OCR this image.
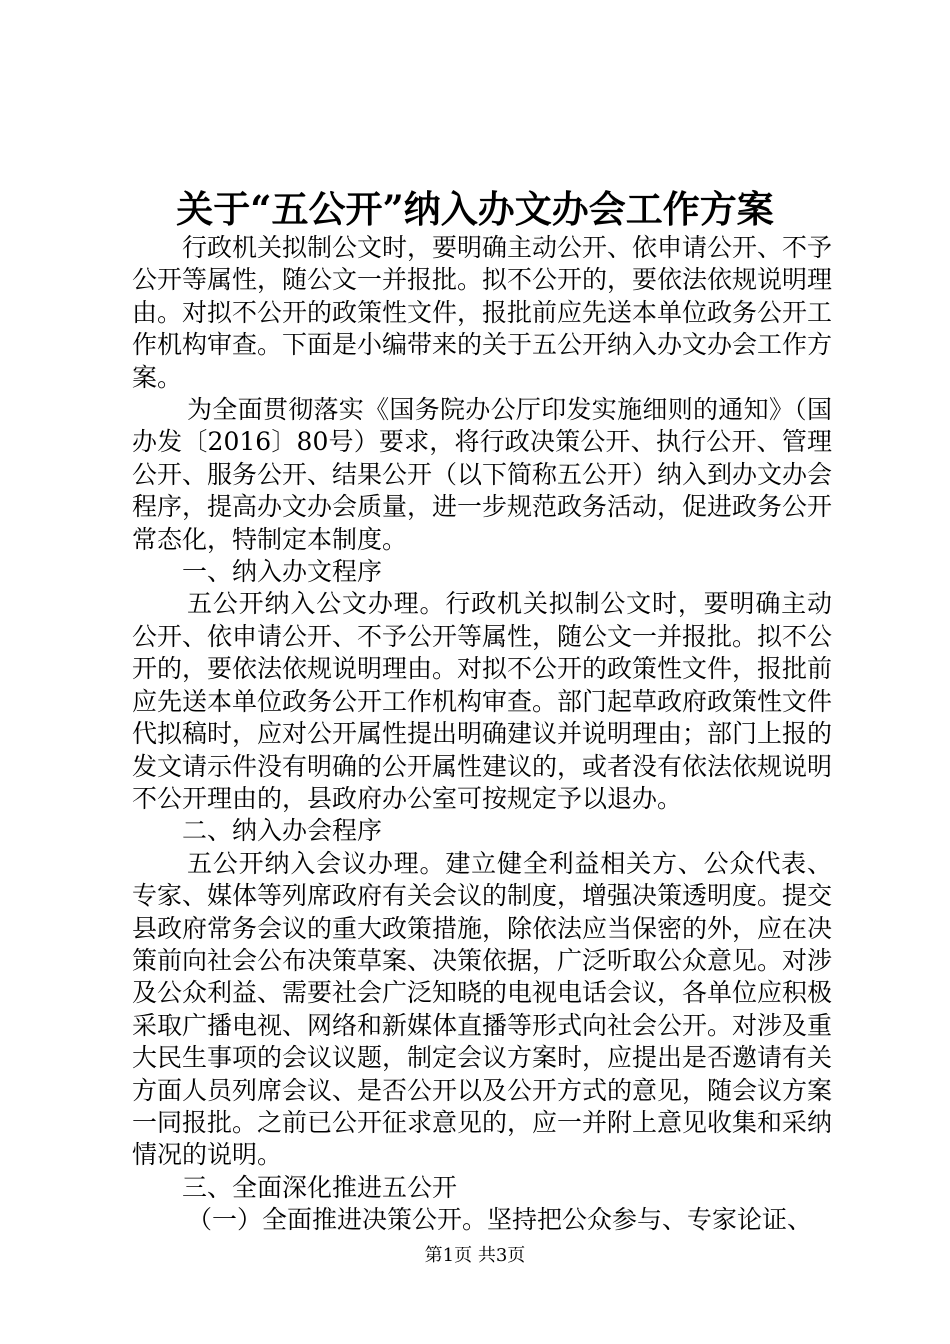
关于“五公开”纳入办文办会工作方案

行政机关拟制公文时，要明确主动公开、依申请公开、不予公开等属性，随公文一并报批。拟不公开的，要依法依规说明理由。对拟不公开的政策性文件，报批前应先送本单位政务公开工作机构审查。下面是小编带来的关于五公开纳入办文办会工作方案。

为全面贯彻落实《国务院办公厅印发实施细则的通知》（国办发〔2016〕80号）要求，将行政决策公开、执行公开、管理公开、服务公开、结果公开（以下简称五公开）纳入到办文办会程序，提高办文办会质量，进一步规范政务活动，促进政务公开常态化，特制定本制度。

一、纳入办文程序

五公开纳入公文办理。行政机关拟制公文时，要明确主动公开、依申请公开、不予公开等属性，随公文一并报批。拟不公开的，要依法依规说明理由。对拟不公开的政策性文件，报批前应先送本单位政务公开工作机构审查。部门起草政府政策性文件代拟稿时，应对公开属性提出明确建议并说明理由；部门上报的发文请示件没有明确的公开属性建议的，或者没有依法依规说明不公开理由的，县政府办公室可按规定予以退办。

二、纳入办会程序

五公开纳入会议办理。建立健全利益相关方、公众代表、专家、媒体等列席政府有关会议的制度，增强决策透明度。提交县政府常务会议的重大政策措施，除依法应当保密的外，应在决策前向社会公布决策草案、决策依据，广泛听取公众意见。对涉及公众利益、需要社会广泛知晓的电视电话会议，各单位应积极采取广播电视、网络和新媒体直播等形式向社会公开。对涉及重大民生事项的会议议题，制定会议方案时，应提出是否邀请有关方面人员列席会议、是否公开以及公开方式的意见，随会议方案一同报批。之前已公开征求意见的，应一并附上意见收集和采纳情况的说明。

三、全面深化推进五公开

（一）全面推进决策公开。坚持把公众参与、专家论证、

第1页 共3页
